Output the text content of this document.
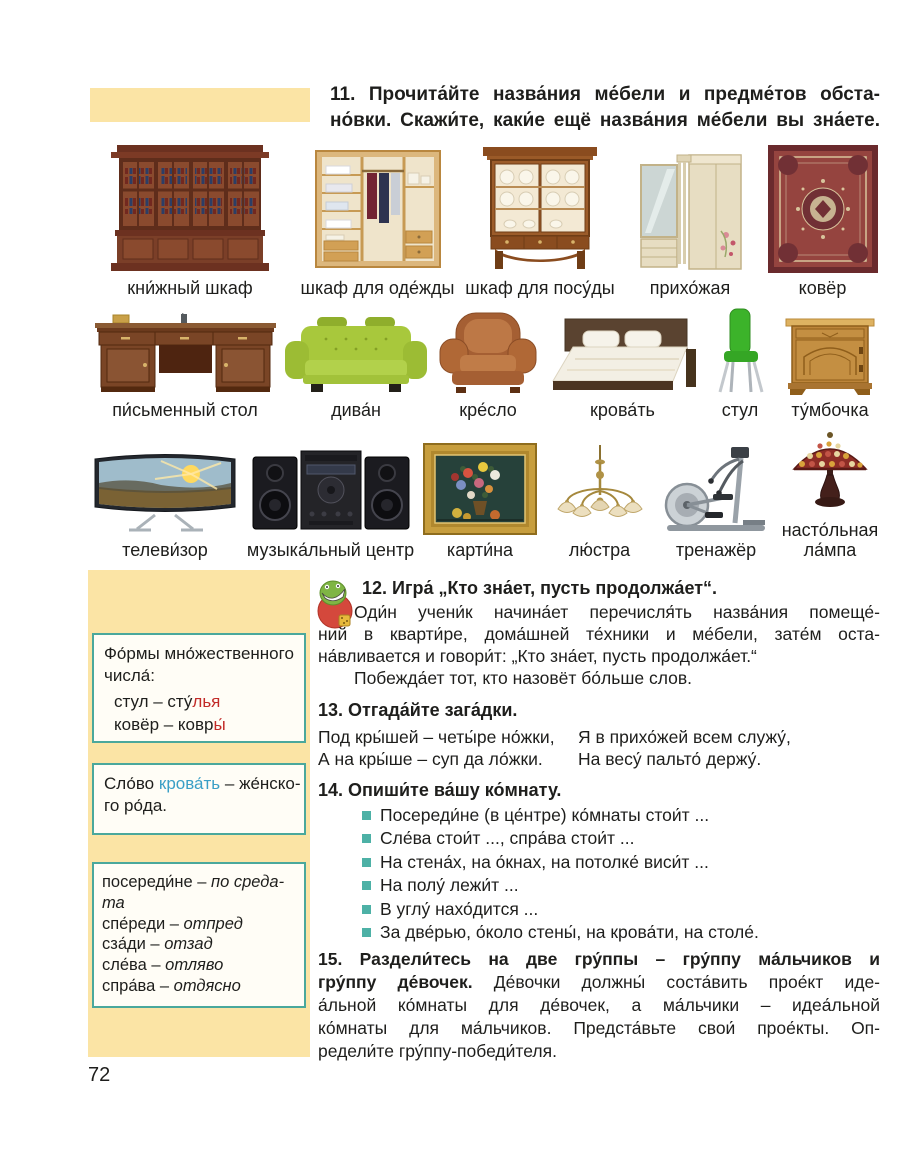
11. Прочита́йте назва́ния ме́бели и предме́тов обста-
но́вки. Скажи́те, каки́е ещё назва́ния ме́бели вы зна́ете.
кни́жный шкаф	шкаф для оде́жды шкаф для посу́ды прихо́жая	ковёр
пи́сьменный стол	дива́н	кре́сло	крова́ть	стул ту́мбочка
телеви́зор музыка́льный центр карти́на	лю́стра	тренажёр
насто́льная ла́мпа
Фо́рмы мно́жественного
числа́:
стул – сту́лья
ковёр – ковры́
Сло́во крова́ть – же́нско-
го ро́да.
посереди́не – по среда-
та
спе́реди – отпред
сза́ди – отзад
сле́ва – отляво
спра́ва – отдясно
12. Игра́ „Кто зна́ет, пусть продолжа́ет“.
Оди́н учени́к начина́ет перечисля́ть назва́ния помеще́-
ний в кварти́ре, дома́шней те́хники и ме́бели, зате́м оста-
на́вливается и говори́т: „Кто зна́ет, пусть продолжа́ет.“
Побежда́ет тот, кто назовёт бо́льше слов.
13. Отгада́йте зага́дки.
Под кры́шей – четы́ре но́жки,
А на кры́ше – суп да ло́жки.
Я в прихо́жей всем служу́,
На весу́ пальто́ держу́.
14. Опиши́те ва́шу ко́мнату.
Посереди́не (в це́нтре) ко́мнаты стои́т ...
Сле́ва стои́т ..., спра́ва стои́т ...
На стена́х, на о́кнах, на потолке́ виси́т ...
На полу́ лежи́т ...
В углу́ нахо́дится ...
За две́рью, о́коло стены́, на крова́ти, на столе́.
15. Раздели́тесь на две гру́ппы – гру́ппу ма́льчиков и
гру́ппу де́вочек. Де́вочки должны́ соста́вить прое́кт иде-
а́льной ко́мнаты для де́вочек, а ма́льчики – идеа́льной
ко́мнаты для ма́льчиков. Предста́вьте свои́ прое́кты. Оп-
редели́те гру́ппу-победи́теля.
72
